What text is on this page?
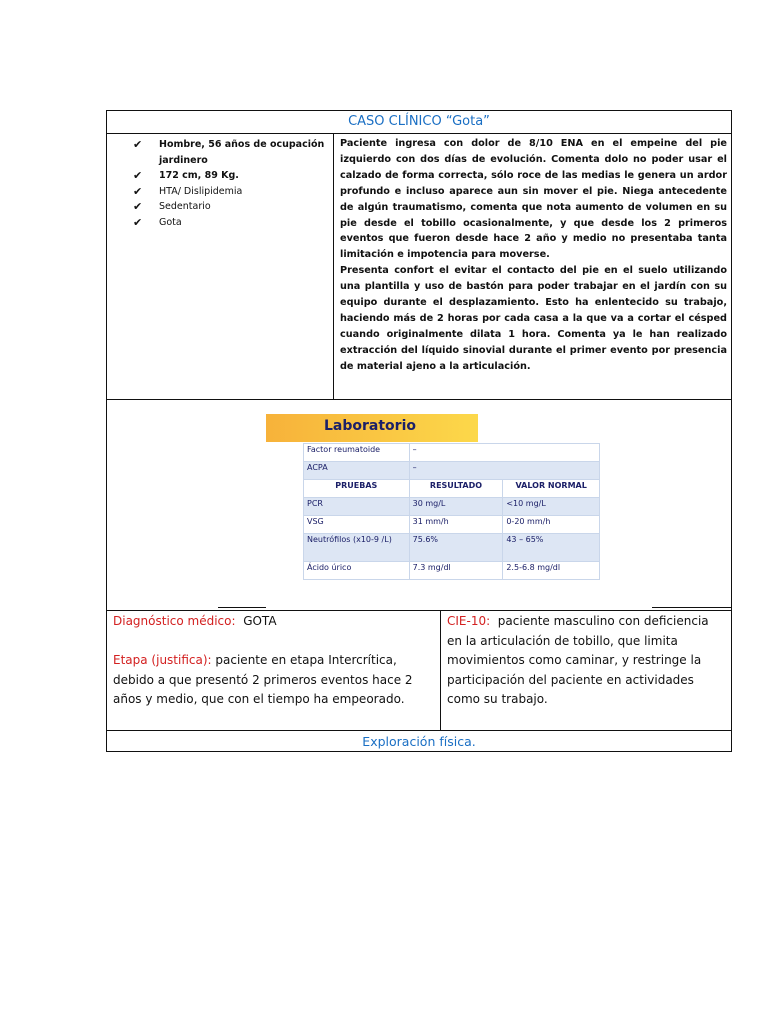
CASO CLÍNICO “Gota”
✔ Hombre, 56 años de ocupación jardinero
✔ 172 cm, 89 Kg.
✔ HTA/ Dislipidemia
✔ Sedentario
✔ Gota

Paciente ingresa con dolor de 8/10 ENA en el empeine del pie izquierdo con dos días de evolución. Comenta dolo no poder usar el calzado de forma correcta, sólo roce de las medias le genera un ardor profundo e incluso aparece aun sin mover el pie. Niega antecedente de algún traumatismo, comenta que nota aumento de volumen en su pie desde el tobillo ocasionalmente, y que desde los 2 primeros eventos que fueron desde hace 2 año y medio no presentaba tanta limitación e impotencia para moverse.

Presenta confort el evitar el contacto del pie en el suelo utilizando una plantilla y uso de bastón para poder trabajar en el jardín con su equipo durante el desplazamiento. Esto ha enlentecido su trabajo, haciendo más de 2 horas por cada casa a la que va a cortar el césped cuando originalmente dilata 1 hora. Comenta ya le han realizado extracción del líquido sinovial durante el primer evento por presencia de material ajeno a la articulación.

Diagnóstico médico: GOTA
Etapa (justifica): paciente en etapa Intercrítica, debido a que presentó 2 primeros eventos hace 2 años y medio, que con el tiempo ha empeorado.
CIE-10: paciente masculino con deficiencia en la articulación de tobillo, que limita movimientos como caminar, y restringe la participación del paciente en actividades como su trabajo.
Exploración física.
Laboratorio
Factor reumatoide	–	
ACPA	–	
PRUEBAS	RESULTADO	VALOR NORMAL
PCR	30 mg/L	<10 mg/L
VSG	31 mm/h	0-20 mm/h
Neutrófilos (x10-9 /L)	75.6%	43 – 65%
Ácido úrico	7.3 mg/dl	2.5-6.8 mg/dl
